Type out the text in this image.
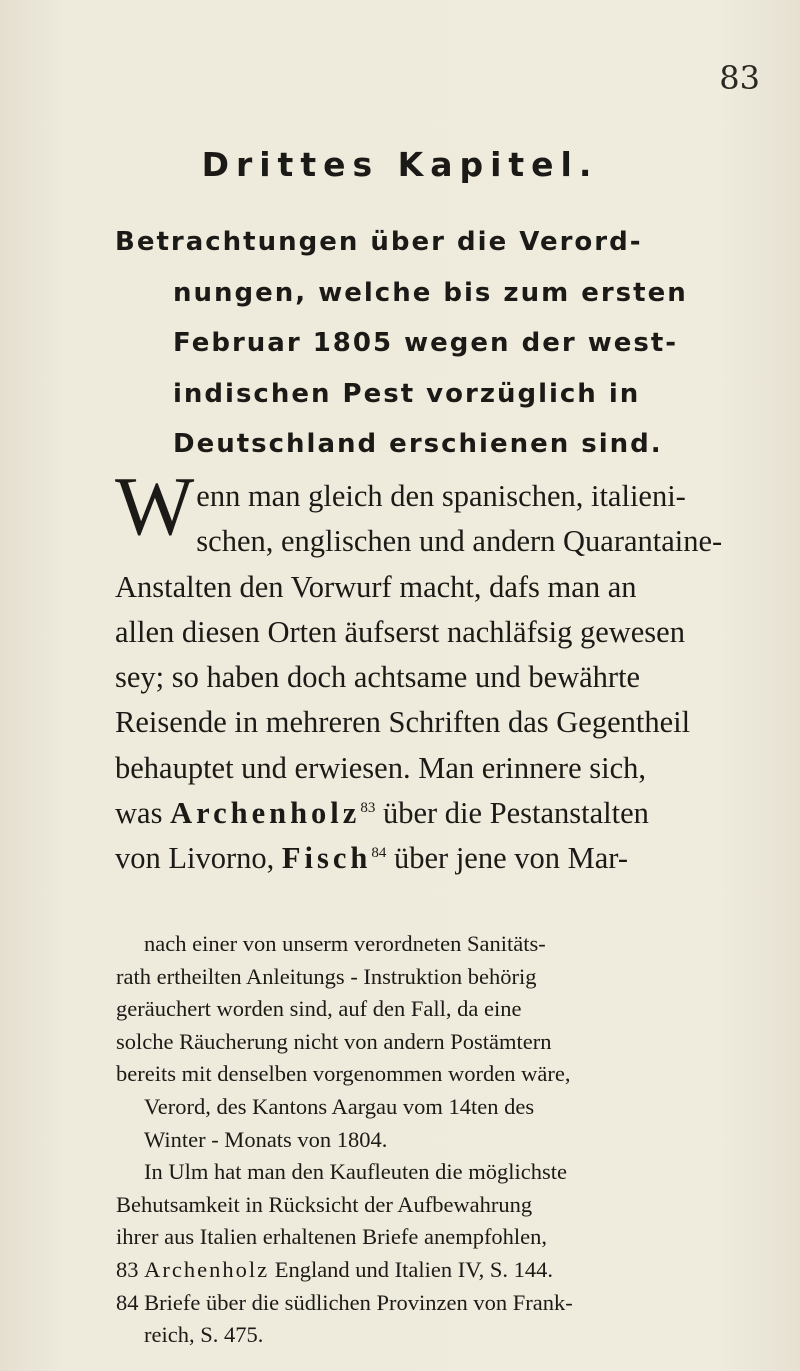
83
Drittes Kapitel.
Betrachtungen über die Verord-
nungen, welche bis zum ersten
Februar 1805 wegen der west-
indischen Pest vorzüglich in
Deutschland erschienen sind.
W enn man gleich den spanischen, italieni-
schen, englischen und andern Quarantaine-
Anstalten den Vorwurf macht, dafs man an
allen diesen Orten äufserst nachläfsig gewesen
sey; so haben doch achtsame und bewährte
Reisende in mehreren Schriften das Gegentheil
behauptet und erwiesen. Man erinnere sich,
was Archenholz$^{83}$ über die Pestanstalten
von Livorno, Fisch$^{84}$ über jene von Mar-
nach einer von unserm verordneten Sanitäts-
rath ertheilten Anleitungs - Instruktion behörig
geräuchert worden sind, auf den Fall, da eine
solche Räucherung nicht von andern Postämtern
bereits mit denselben vorgenommen worden wäre,
Verord, des Kantons Aargau vom 14ten des
Winter - Monats von 1804.
In Ulm hat man den Kaufleuten die möglichste
Behutsamkeit in Rücksicht der Aufbewahrung
ihrer aus Italien erhaltenen Briefe anempfohlen,
83 Archenholz England und Italien IV, S. 144.
84 Briefe über die südlichen Provinzen von Frank-
reich, S. 475.
